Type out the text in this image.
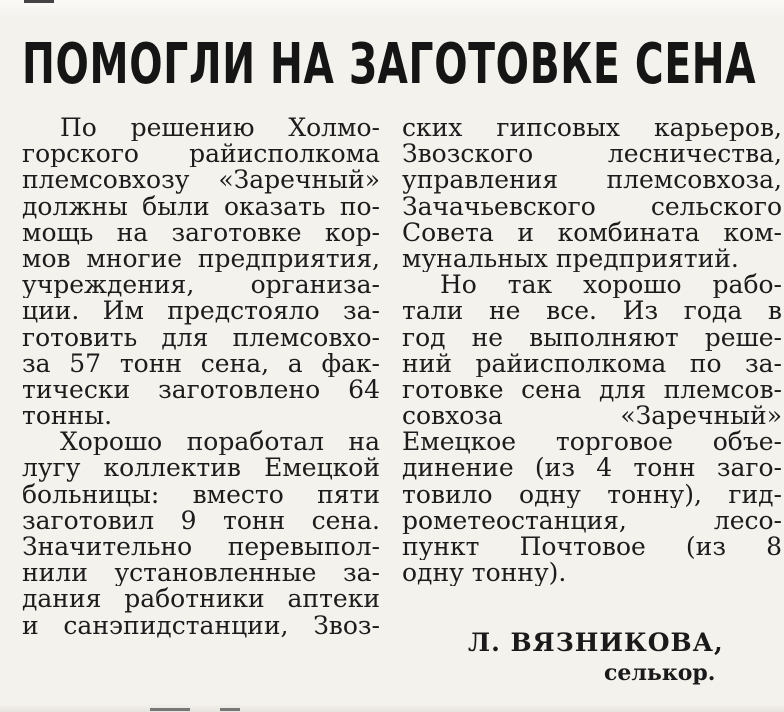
ПОМОГЛИ НА ЗАГОТОВКЕ СЕНА
По решению Холмо-
горского райисполкома
племсовхозу «Заречный»
должны были оказать по-
мощь на заготовке кор-
мов многие предприятия,
учреждения, организа-
ции. Им предстояло за-
готовить для племсовхо-
за 57 тонн сена, а фак-
тически заготовлено 64
тонны.
Хорошо поработал на
лугу коллектив Емецкой
больницы: вместо пяти
заготовил 9 тонн сена.
Значительно перевыпол-
нили установленные за-
дания работники аптеки
и санэпидстанции, Звоз-
ских гипсовых карьеров,
Звозского лесничества,
управления племсовхоза,
Зачачьевского сельского
Совета и комбината ком-
мунальных предприятий.
Но так хорошо рабо-
тали не все. Из года в
год не выполняют реше-
ний райисполкома по за-
готовке сена для племсов-
совхоза «Заречный»
Емецкое торговое объе-
динение (из 4 тонн заго-
товило одну тонну), гид-
рометеостанция, лесо-
пункт Почтовое (из 8
одну тонну).
Л. ВЯЗНИКОВА,
селькор.
